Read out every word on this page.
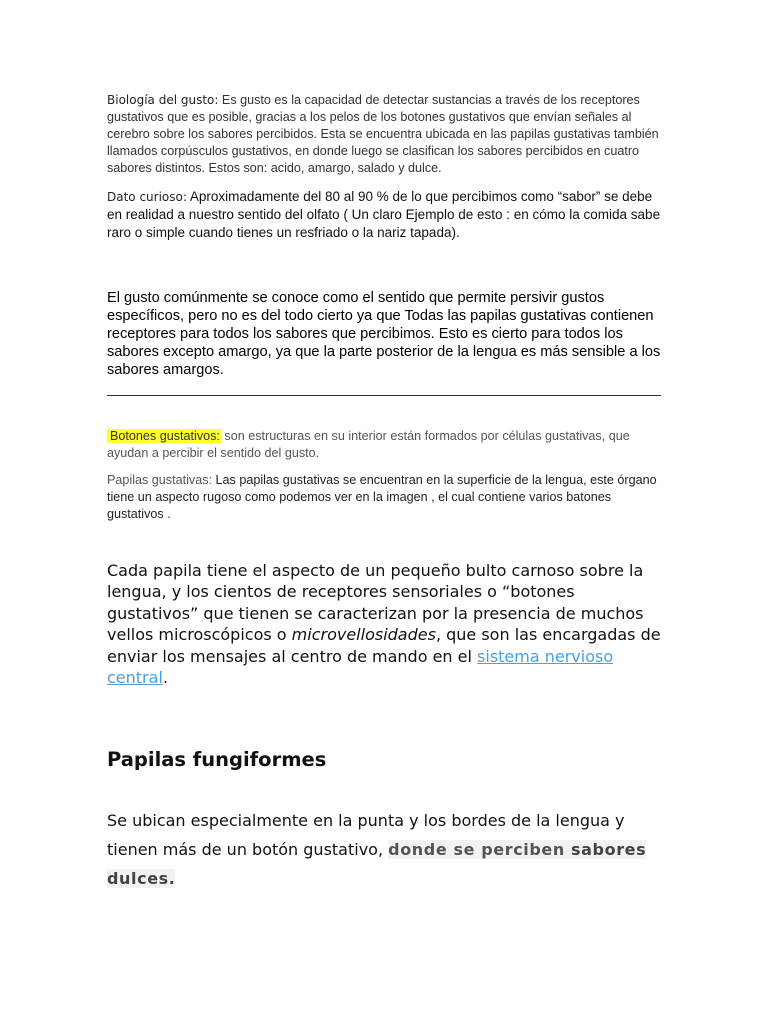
Biología del gusto: Es gusto es la capacidad de detectar sustancias a través de los receptores gustativos que es posible, gracias a los pelos de los botones gustativos que envían señales al cerebro sobre los sabores percibidos. Esta se encuentra ubicada en las papilas gustativas también llamados corpúsculos gustativos, en donde luego se clasifican los sabores percibidos en cuatro sabores distintos. Estos son: acido, amargo, salado y dulce.

Dato curioso: Aproximadamente del 80 al 90 % de lo que percibimos como “sabor” se debe en realidad a nuestro sentido del olfato ( Un claro Ejemplo de esto : en cómo la comida sabe raro o simple cuando tienes un resfriado o la nariz tapada).

El gusto comúnmente se conoce como el sentido que permite persivir gustos específicos, pero no es del todo cierto ya que Todas las papilas gustativas contienen receptores para todos los sabores que percibimos. Esto es cierto para todos los sabores excepto amargo, ya que la parte posterior de la lengua es más sensible a los sabores amargos.

Botones gustativos: son estructuras en su interior están formados por células gustativas, que ayudan a percibir el sentido del gusto.

Papilas gustativas: Las papilas gustativas se encuentran en la superficie de la lengua, este órgano tiene un aspecto rugoso como podemos ver en la imagen , el cual contiene varios batones gustativos .

Cada papila tiene el aspecto de un pequeño bulto carnoso sobre la lengua, y los cientos de receptores sensoriales o “botones gustativos” que tienen se caracterizan por la presencia de muchos vellos microscópicos o microvellosidades, que son las encargadas de enviar los mensajes al centro de mando en el sistema nervioso central.

Papilas fungiformes

Se ubican especialmente en la punta y los bordes de la lengua y tienen más de un botón gustativo, donde se perciben sabores dulces.
